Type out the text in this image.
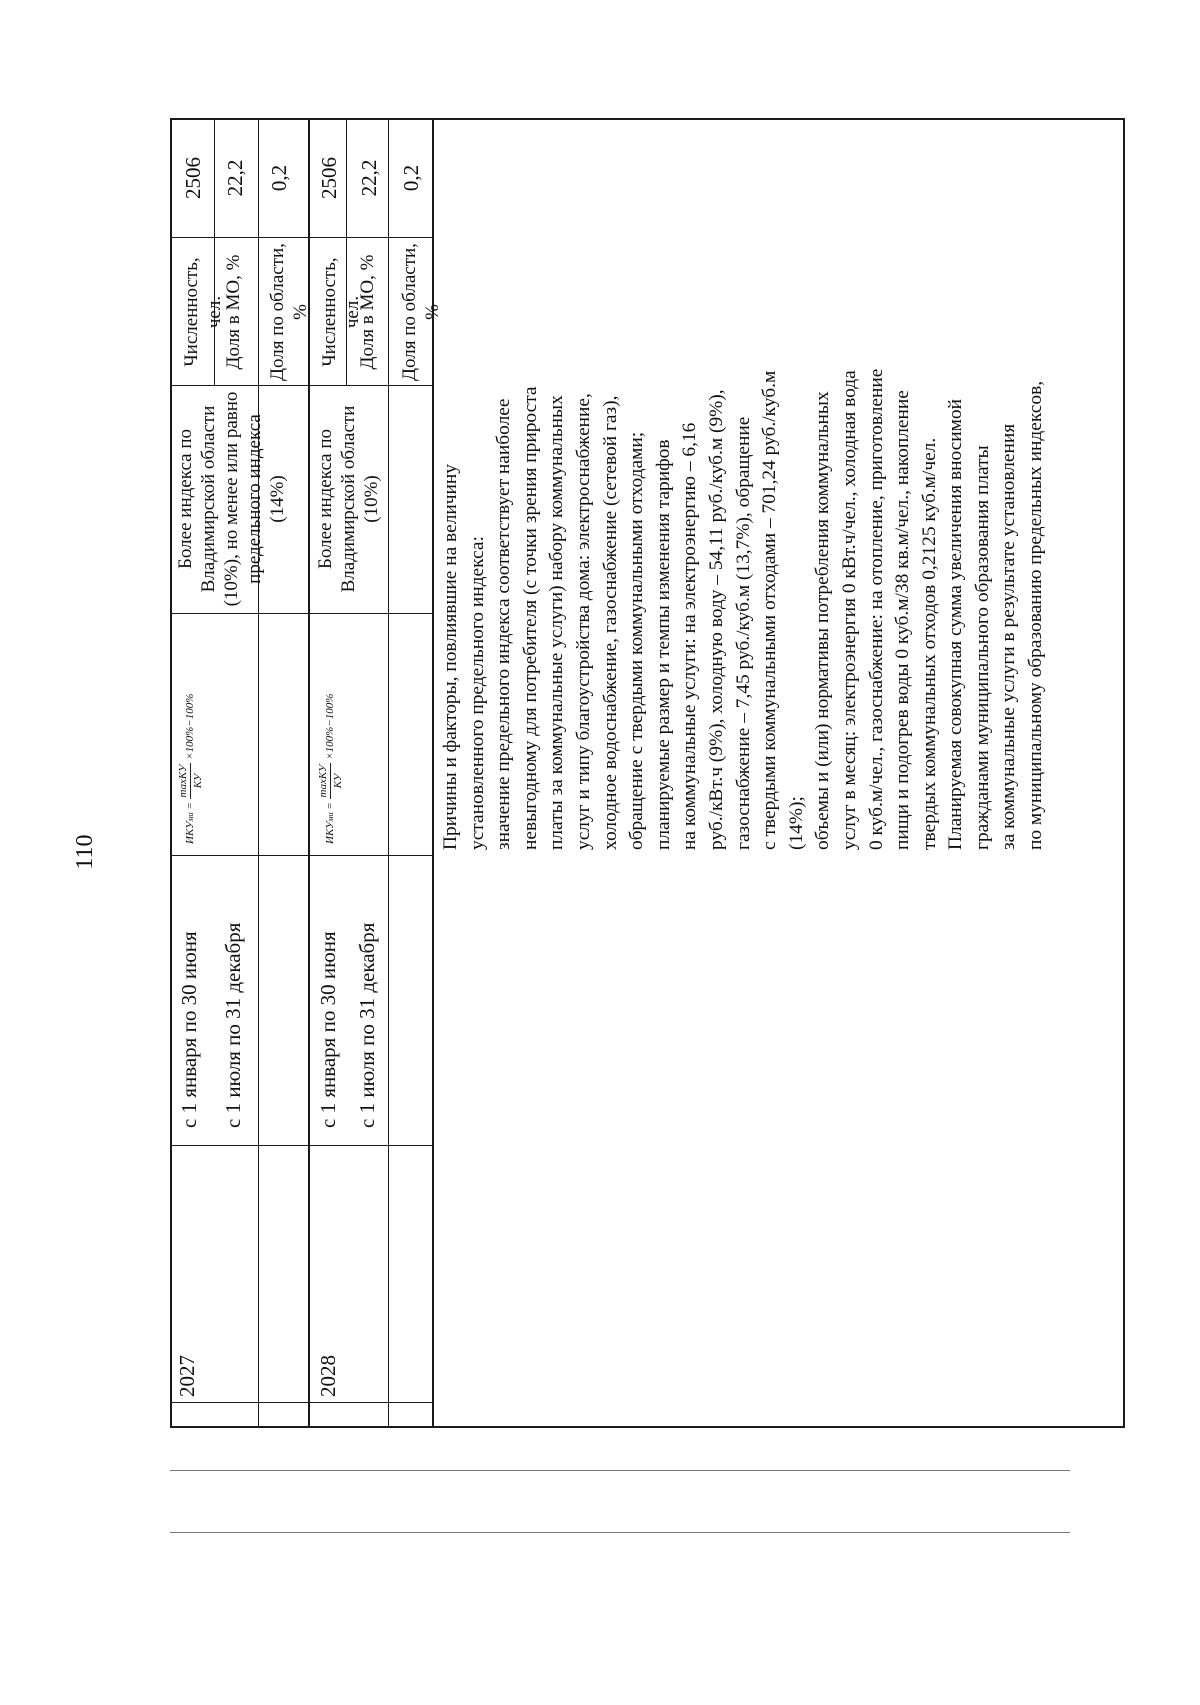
110
2027
с 1 января по 30 июня с 1 июля по 31 декабря
ИКУми =
maxКУ КУ
×100%−100%
Более индекса по Владимирской области (10%), но менее или равно предельного индекса (14%)
Численность, чел.
Доля в МО, %	Доля по области, %
2506 22,2 0,2
2028
с 1 января по 30 июня с 1 июля по 31 декабря
ИКУми =
maxКУ КУ
×100%−100%
Более индекса по Владимирской области (10%)
Численность, чел.
Доля в МО, %	Доля по области, %
2506 22,2 0,2
Причины и факторы, повлиявшие на величину установленного предельного индекса: значение предельного индекса соответствует наиболее невыгодному для потребителя (с точки зрения прироста платы за коммунальные услуги) набору коммунальных услуг и типу благоустройства дома: электроснабжение, холодное водоснабжение, газоснабжение (сетевой газ), обращение с твердыми коммунальными отходами; планируемые размер и темпы изменения тарифов на коммунальные услуги: на электроэнергию – 6,16 руб./кВт.ч (9%), холодную воду – 54,11 руб./куб.м (9%), газоснабжение – 7,45 руб./куб.м (13,7%), обращение с твердыми коммунальными отходами – 701,24 руб./куб.м (14%); объемы и (или) нормативы потребления коммунальных услуг в месяц: электроэнергия 0 кВт.ч/чел., холодная вода 0 куб.м/чел., газоснабжение: на отопление, приготовление пищи и подогрев воды 0 куб.м/38 кв.м/чел., накопление твердых коммунальных отходов 0,2125 куб.м/чел. Планируемая совокупная сумма увеличения вносимой гражданами муниципального образования платы за коммунальные услуги в результате установления по муниципальному образованию предельных индексов,
